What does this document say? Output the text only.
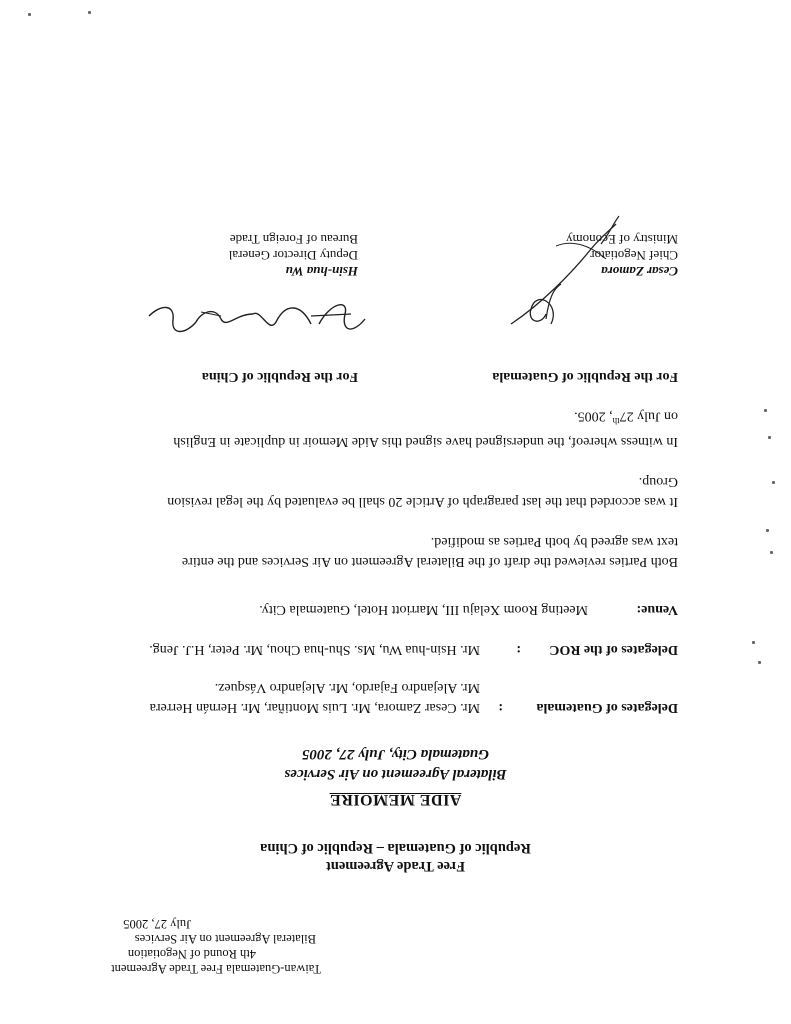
Taiwan-Guatemala Free Trade Agreement
4th Round of Negotiation
Bilateral Agreement on Air Services
July 27, 2005
Free Trade Agreement
Republic of Guatemala – Republic of China
AIDE MEMOIRE
Bilateral Agreement on Air Services
Guatemala City, July 27, 2005
Delegates of Guatemala
:
Mr. Cesar Zamora, Mr. Luis Montiñar, Mr. Hernán Herrera
Mr. Alejandro Fajardo, Mr. Alejandro Vásquez.
Delegates of the ROC
:
Mr. Hsin-hua Wu, Ms. Shu-hua Chou, Mr. Peter, H.J. Jeng.
Venue:
Meeting Room Xelaju III, Marriott Hotel, Guatemala City.
Both Parties reviewed the draft of the Bilateral Agreement on Air Services and the entire
text was agreed by both Parties as modified.
It was accorded that the last paragraph of Article 20 shall be evaluated by the legal revision
Group.
In witness whereof, the undersigned have signed this Aide Memoir in duplicate in English
on July 27th, 2005.
For the Republic of Guatemala
For the Republic of China
Cesar Zamora
Chief Negotiator
Ministry of Economy
Hsin-hua Wu
Deputy Director General
Bureau of Foreign Trade
